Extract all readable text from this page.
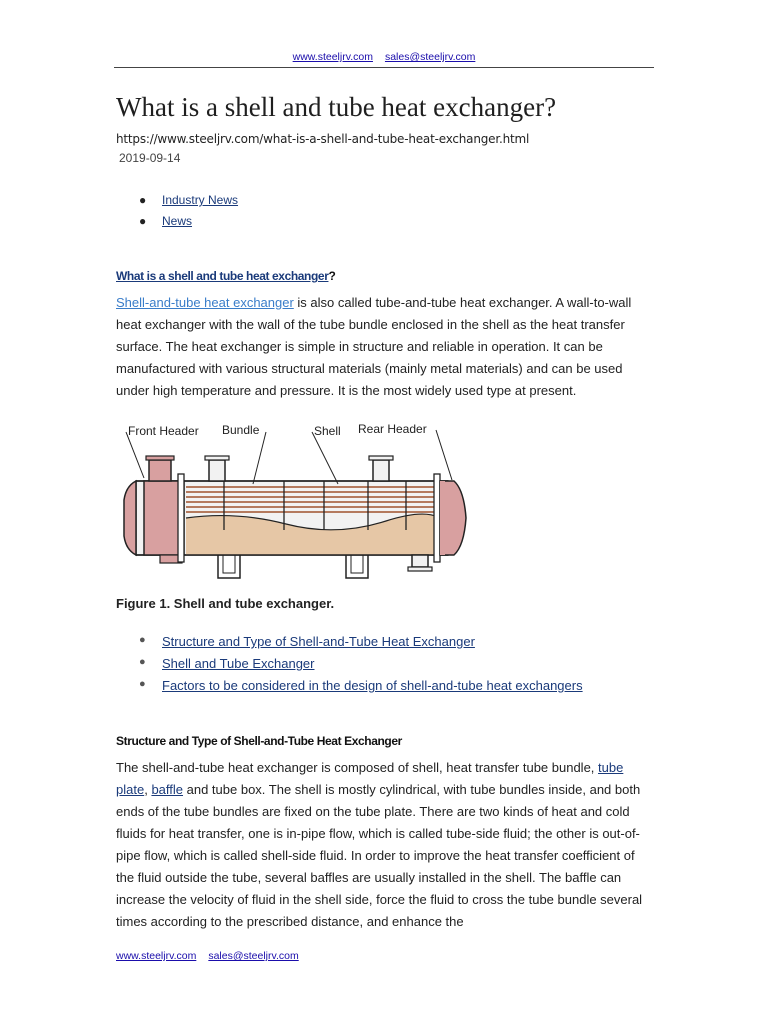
www.steeljrv.com sales@steeljrv.com
What is a shell and tube heat exchanger?
https://www.steeljrv.com/what-is-a-shell-and-tube-heat-exchanger.html
2019-09-14
● Industry News
● News
What is a shell and tube heat exchanger?

Shell-and-tube heat exchanger is also called tube-and-tube heat exchanger. A wall-to-wall heat exchanger with the wall of the tube bundle enclosed in the shell as the heat transfer surface. The heat exchanger is simple in structure and reliable in operation. It can be manufactured with various structural materials (mainly metal materials) and can be used under high temperature and pressure. It is the most widely used type at present.

Front Header Bundle	Shell Rear Header
Figure 1. Shell and tube exchanger.
● Structure and Type of Shell-and-Tube Heat Exchanger
● Shell and Tube Exchanger
● Factors to be considered in the design of shell-and-tube heat exchangers
Structure and Type of Shell-and-Tube Heat Exchanger

The shell-and-tube heat exchanger is composed of shell, heat transfer tube bundle, tube plate, baffle and tube box. The shell is mostly cylindrical, with tube bundles inside, and both ends of the tube bundles are fixed on the tube plate. There are two kinds of heat and cold fluids for heat transfer, one is in-pipe flow, which is called tube-side fluid; the other is out-of-pipe flow, which is called shell-side fluid. In order to improve the heat transfer coefficient of the fluid outside the tube, several baffles are usually installed in the shell. The baffle can increase the velocity of fluid in the shell side, force the fluid to cross the tube bundle several times according to the prescribed distance, and enhance the

www.steeljrv.com sales@steeljrv.com
